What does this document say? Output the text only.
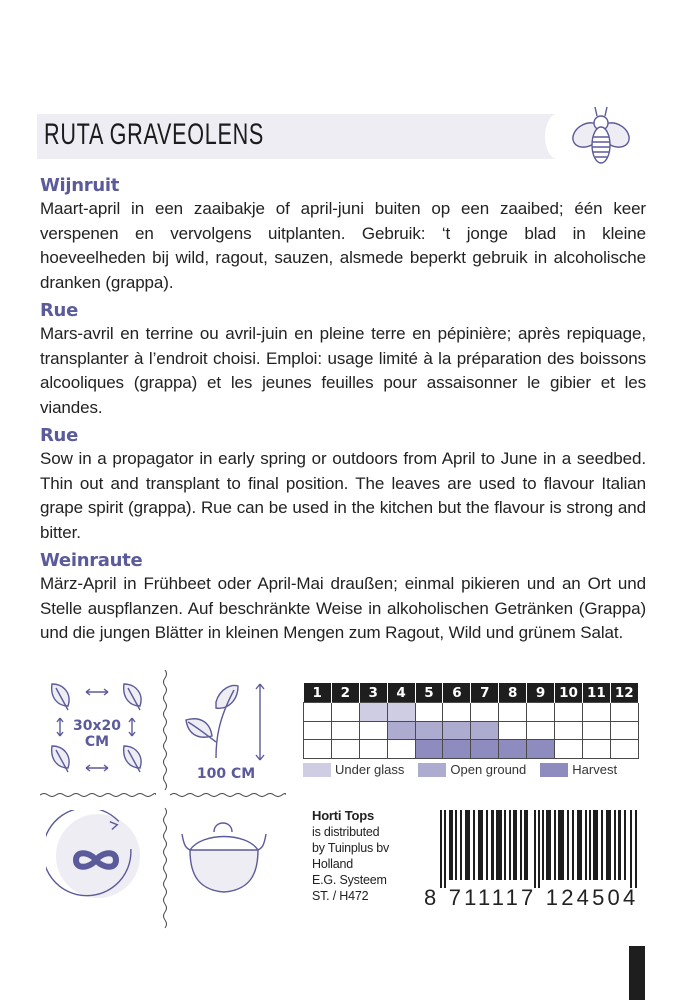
RUTA GRAVEOLENS
Wijnruit

Maart-april in een zaaibakje of april-juni buiten op een zaaibed; één keer verspenen en vervolgens uitplanten. Gebruik: ‘t jonge blad in kleine hoeveelheden bij wild, ragout, sauzen, alsmede beperkt gebruik in alcoholische dranken (grappa).

Rue

Mars-avril en terrine ou avril-juin en pleine terre en pépinière; après repiquage, transplanter à l’endroit choisi. Emploi: usage limité à la préparation des boissons alcooliques (grappa) et les jeunes feuilles pour assaisonner le gibier et les viandes.

Rue

Sow in a propagator in early spring or outdoors from April to June in a seedbed. Thin out and transplant to final position. The leaves are used to flavour Italian grape spirit (grappa). Rue can be used in the kitchen but the flavour is strong and bitter.

Weinraute

März-April in Frühbeet oder April-Mai draußen; einmal pikieren und an Ort und Stelle auspflanzen. Auf beschränkte Weise in alkoholischen Getränken (Grappa) und die jungen Blätter in kleinen Mengen zum Ragout, Wild und grünem Salat.

30x20
CM
100 CM
1	2	3	4	5	6	7	8	9	10	11	12

Under glass	Open ground	Harvest
Horti Tops
is distributed
by Tuinplus bv
Holland
E.G. Systeem
ST. / H472	8 711117 124504
